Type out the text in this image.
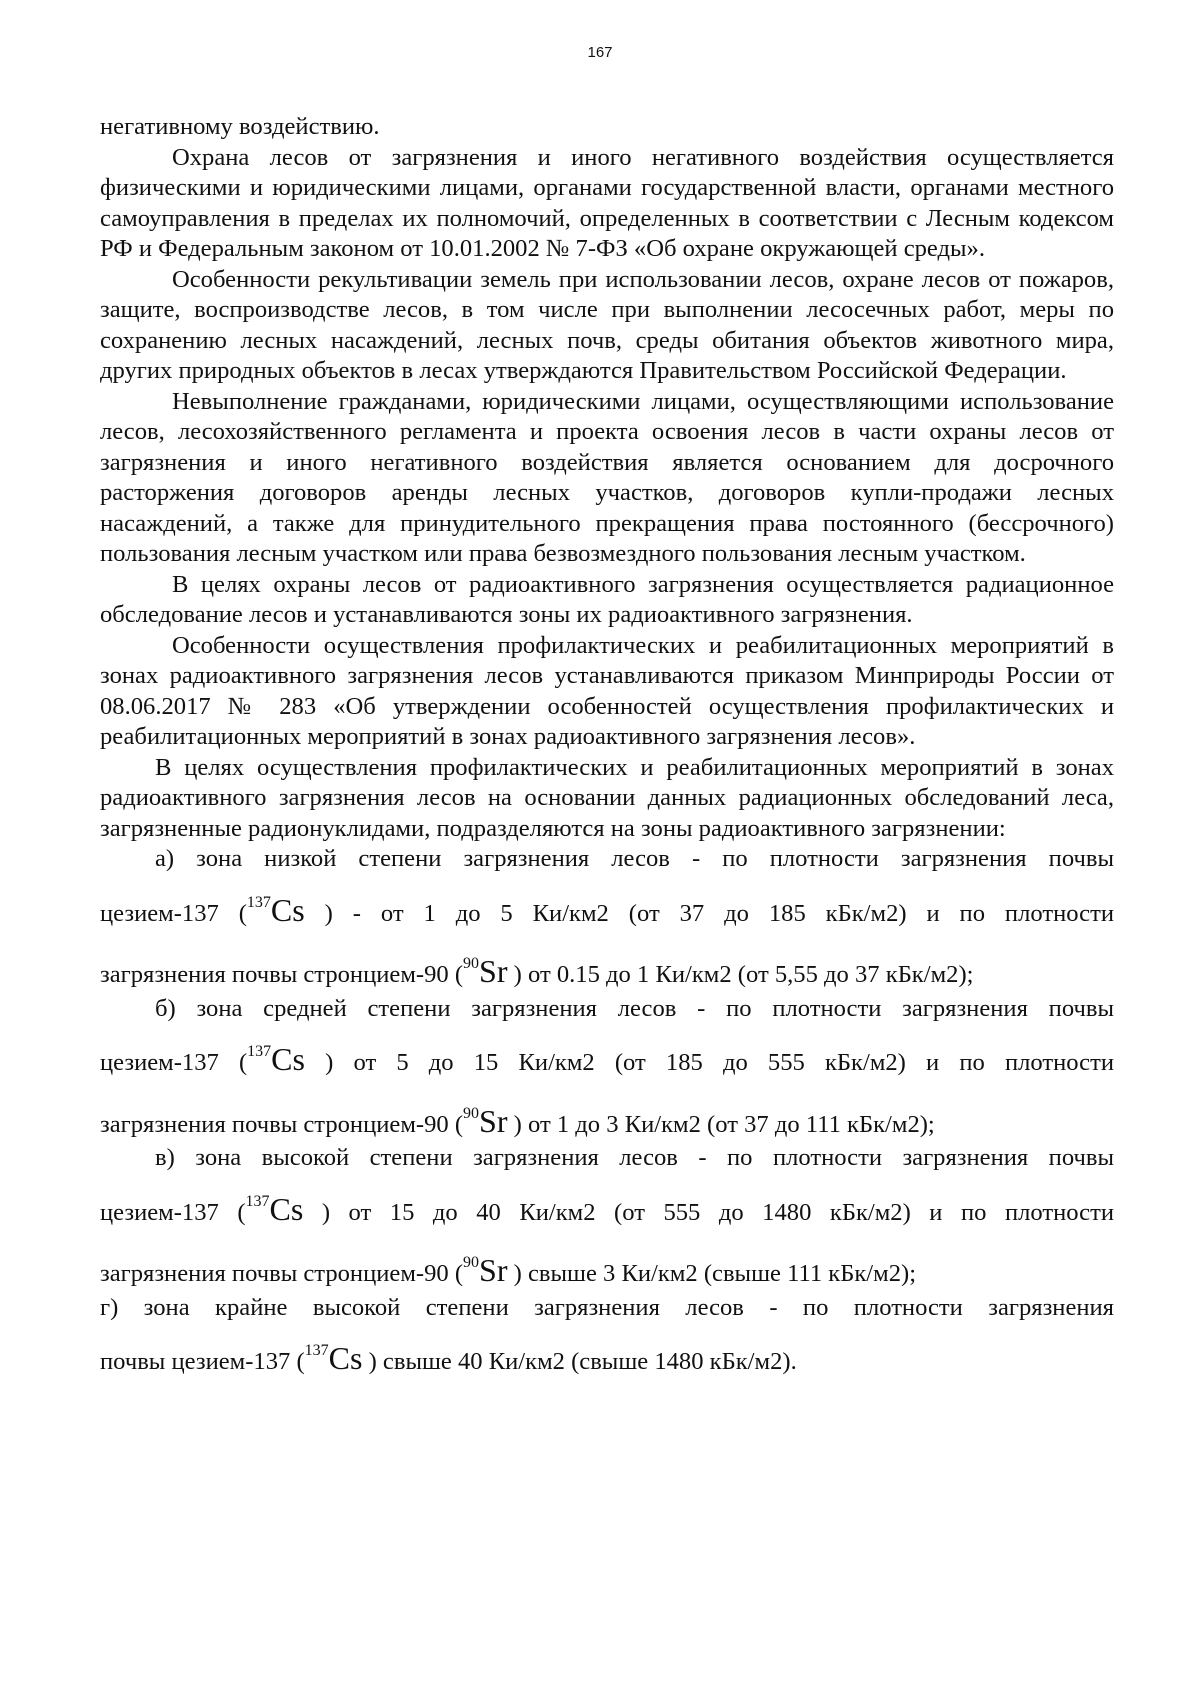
167

негативному воздействию.

Охрана лесов от загрязнения и иного негативного воздействия осуществляется физическими и юридическими лицами, органами государственной власти, органами местного самоуправления в пределах их полномочий, определенных в соответствии с Лесным кодексом РФ и Федеральным законом от 10.01.2002 № 7-ФЗ «Об охране окружающей среды».

Особенности рекультивации земель при использовании лесов, охране лесов от пожаров, защите, воспроизводстве лесов, в том числе при выполнении лесосечных работ, меры по сохранению лесных насаждений, лесных почв, среды обитания объектов животного мира, других природных объектов в лесах утверждаются Правительством Российской Федерации.

Невыполнение гражданами, юридическими лицами, осуществляющими использование лесов, лесохозяйственного регламента и проекта освоения лесов в части охраны лесов от загрязнения и иного негативного воздействия является основанием для досрочного расторжения договоров аренды лесных участков, договоров купли-продажи лесных насаждений, а также для принудительного прекращения права постоянного (бессрочного) пользования лесным участком или права безвозмездного пользования лесным участком.

В целях охраны лесов от радиоактивного загрязнения осуществляется радиационное обследование лесов и устанавливаются зоны их радиоактивного загрязнения.

Особенности осуществления профилактических и реабилитационных мероприятий в зонах радиоактивного загрязнения лесов устанавливаются приказом Минприроды России от 08.06.2017 № 283 «Об утверждении особенностей осуществления профилактических и реабилитационных мероприятий в зонах радиоактивного загрязнения лесов».

В целях осуществления профилактических и реабилитационных мероприятий в зонах радиоактивного загрязнения лесов на основании данных радиационных обследований леса, загрязненные радионуклидами, подразделяются на зоны радиоактивного загрязнении:

а) зона низкой степени загрязнения лесов - по плотности загрязнения почвы
цезием-137 ($^{137}$Cs ) - от 1 до 5 Ки/км2 (от 37 до 185 кБк/м2) и по плотности
загрязнения почвы стронцием-90 ($^{90}$Sr ) от 0.15 до 1 Ки/км2 (от 5,55 до 37 кБк/м2);
б) зона средней степени загрязнения лесов - по плотности загрязнения почвы
цезием-137 ($^{137}$Cs ) от 5 до 15 Ки/км2 (от 185 до 555 кБк/м2) и по плотности
загрязнения почвы стронцием-90 ($^{90}$Sr ) от 1 до 3 Ки/км2 (от 37 до 111 кБк/м2);
в) зона высокой степени загрязнения лесов - по плотности загрязнения почвы
цезием-137 ($^{137}$Cs ) от 15 до 40 Ки/км2 (от 555 до 1480 кБк/м2) и по плотности
загрязнения почвы стронцием-90 ($^{90}$Sr ) свыше 3 Ки/км2 (свыше 111 кБк/м2);
г) зона крайне высокой степени загрязнения лесов - по плотности загрязнения
почвы цезием-137 ($^{137}$Cs ) свыше 40 Ки/км2 (свыше 1480 кБк/м2).
